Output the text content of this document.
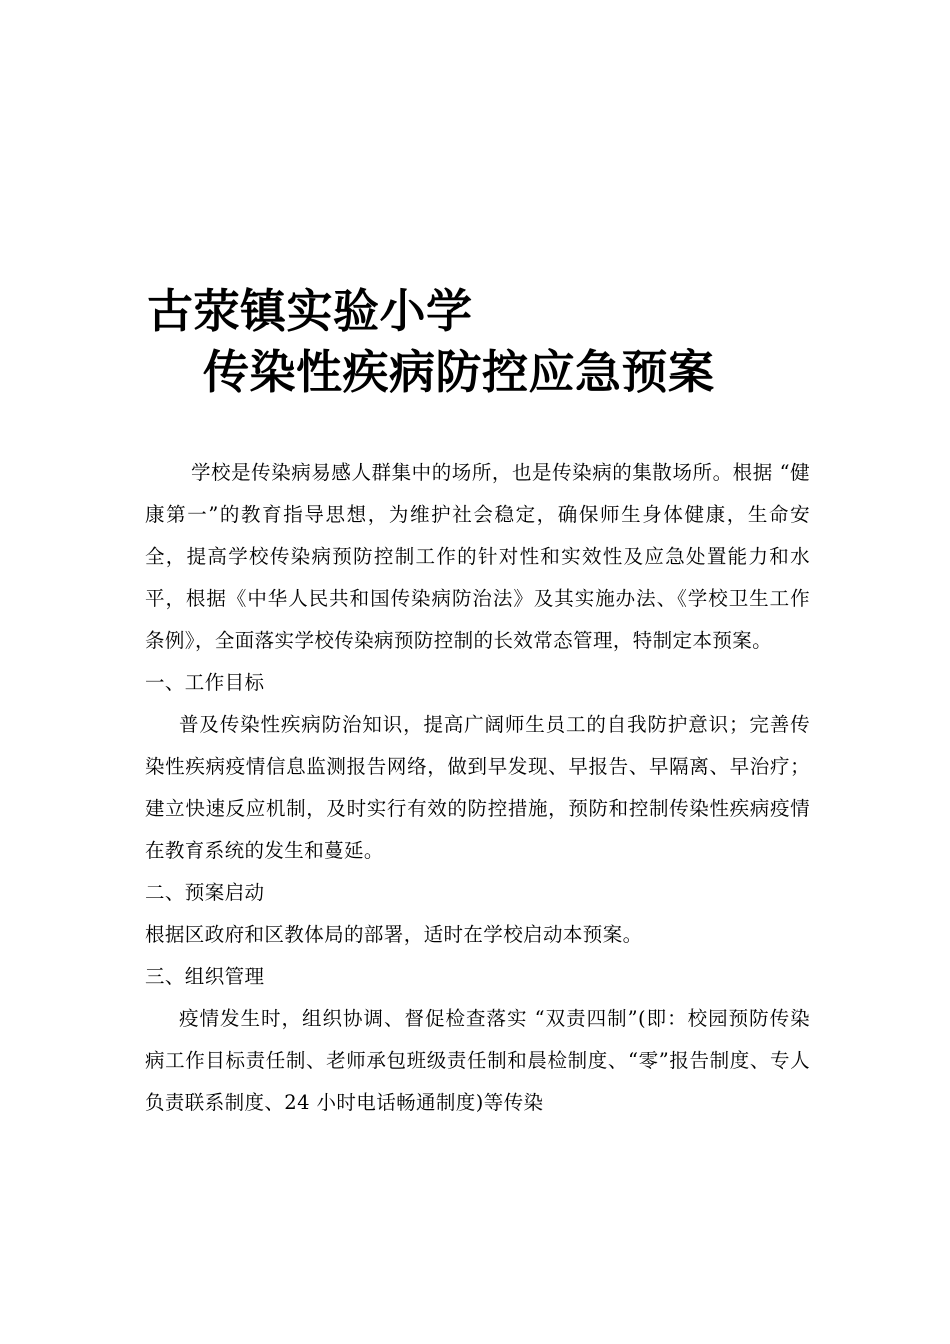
古荥镇实验小学
传染性疾病防控应急预案

学校是传染病易感人群集中的场所，也是传染病的集散场所。根据 “健康第一”的教育指导思想，为维护社会稳定，确保师生身体健康，生命安全，提高学校传染病预防控制工作的针对性和实效性及应急处置能力和水平，根据《中华人民共和国传染病防治法》及其实施办法、《学校卫生工作条例》，全面落实学校传染病预防控制的长效常态管理，特制定本预案。

一、工作目标

普及传染性疾病防治知识，提高广阔师生员工的自我防护意识；完善传染性疾病疫情信息监测报告网络，做到早发现、早报告、早隔离、早治疗；建立快速反应机制，及时实行有效的防控措施，预防和控制传染性疾病疫情在教育系统的发生和蔓延。

二、预案启动

根据区政府和区教体局的部署，适时在学校启动本预案。

三、组织管理

疫情发生时，组织协调、督促检查落实 “双责四制”(即：校园预防传染病工作目标责任制、老师承包班级责任制和晨检制度、“零”报告制度、专人负责联系制度、24 小时电话畅通制度)等传染
